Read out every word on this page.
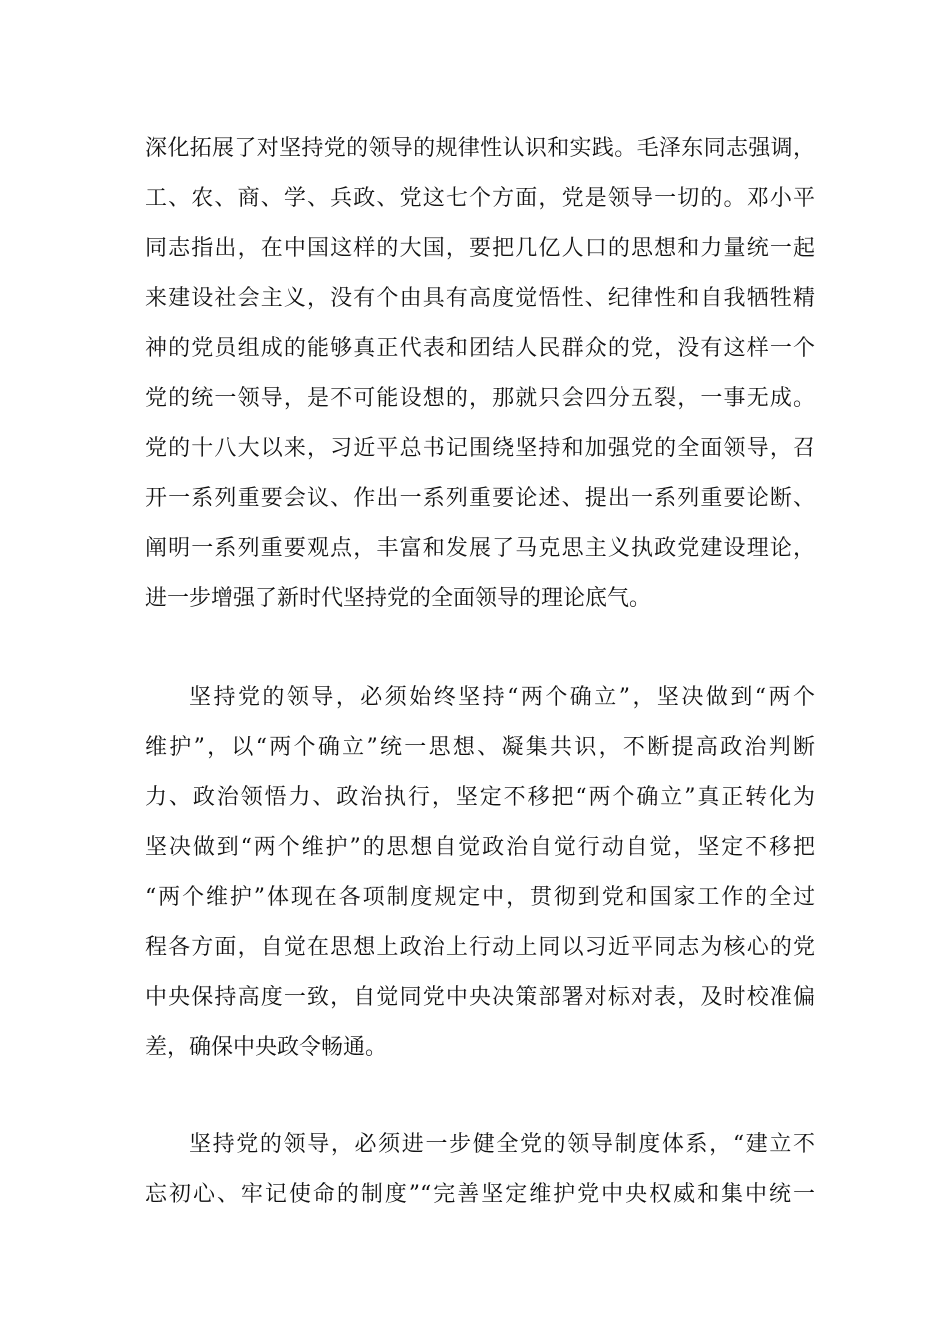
深化拓展了对坚持党的领导的规律性认识和实践。毛泽东同志强调，
工、农、商、学、兵政、党这七个方面，党是领导一切的。邓小平
同志指出，在中国这样的大国，要把几亿人口的思想和力量统一起
来建设社会主义，没有个由具有高度觉悟性、纪律性和自我牺牲精
神的党员组成的能够真正代表和团结人民群众的党，没有这样一个
党的统一领导，是不可能设想的，那就只会四分五裂，一事无成。
党的十八大以来，习近平总书记围绕坚持和加强党的全面领导，召
开一系列重要会议、作出一系列重要论述、提出一系列重要论断、
阐明一系列重要观点，丰富和发展了马克思主义执政党建设理论，
进一步增强了新时代坚持党的全面领导的理论底气。
坚持党的领导，必须始终坚持“两个确立”，坚决做到“两个
维护”，以“两个确立”统一思想、凝集共识，不断提高政治判断
力、政治领悟力、政治执行，坚定不移把“两个确立”真正转化为
坚决做到“两个维护”的思想自觉政治自觉行动自觉，坚定不移把
“两个维护”体现在各项制度规定中，贯彻到党和国家工作的全过
程各方面，自觉在思想上政治上行动上同以习近平同志为核心的党
中央保持高度一致，自觉同党中央决策部署对标对表，及时校准偏
差，确保中央政令畅通。
坚持党的领导，必须进一步健全党的领导制度体系，“建立不
忘初心、牢记使命的制度”“完善坚定维护党中央权威和集中统一
